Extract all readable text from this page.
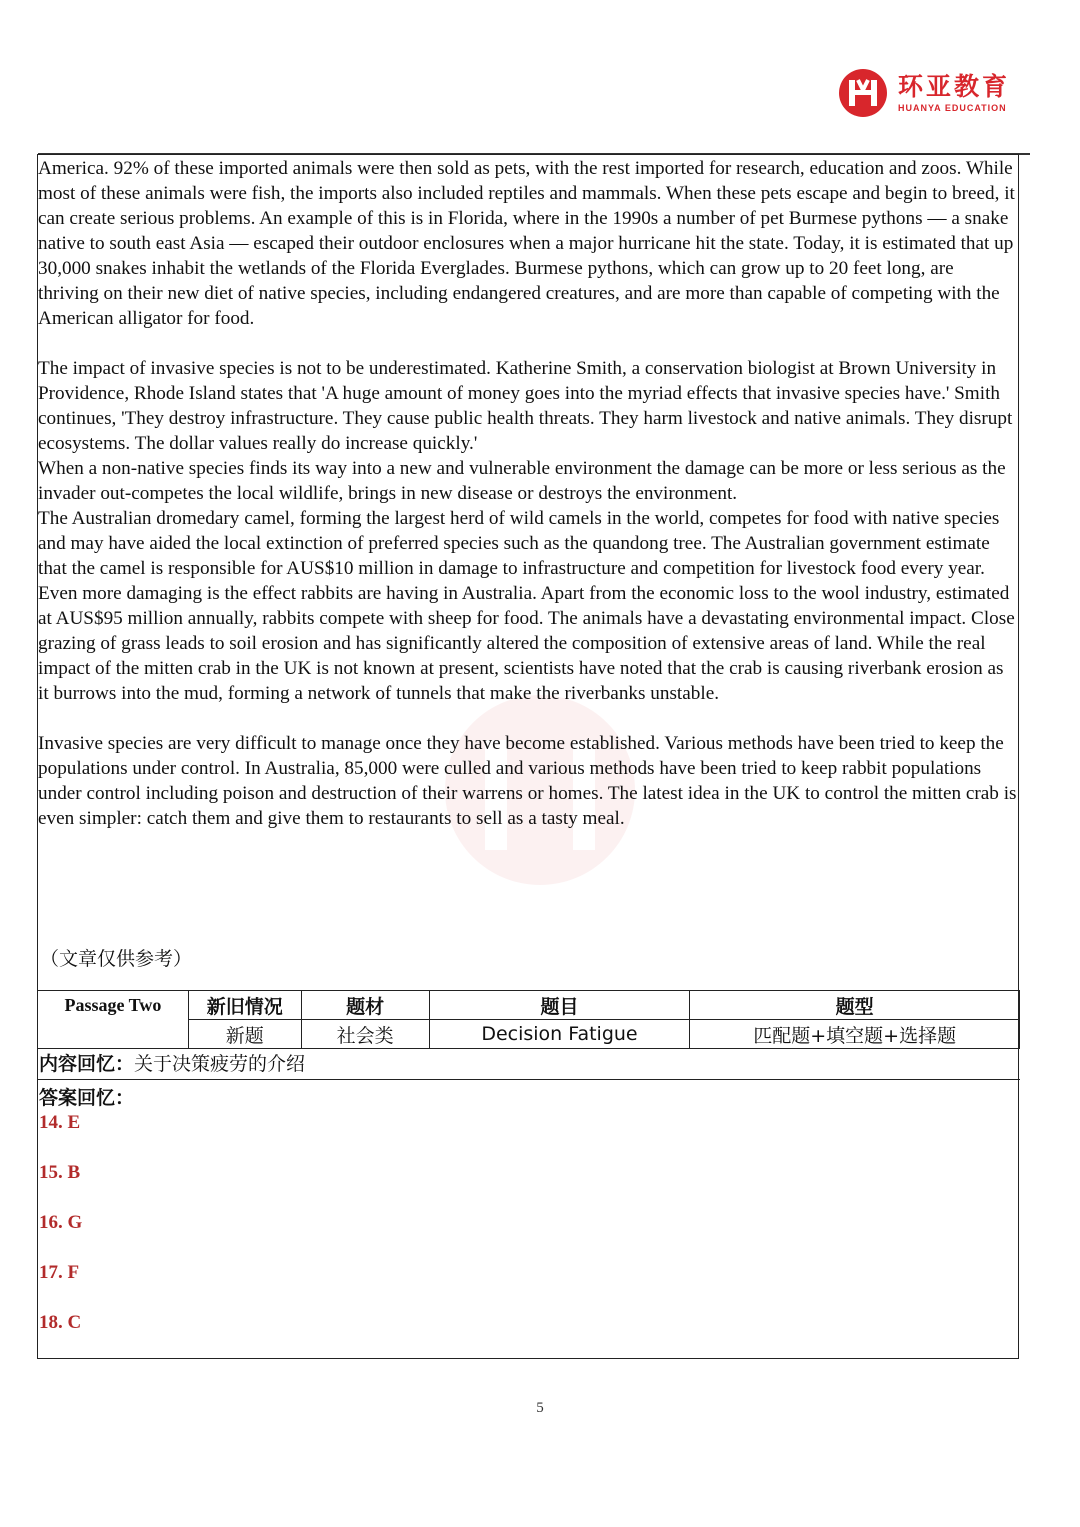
环亚教育
HUANYA EDUCATION

America. 92% of these imported animals were then sold as pets, with the rest imported for research, education and zoos. While most of these animals were fish, the imports also included reptiles and mammals. When these pets escape and begin to breed, it can create serious problems. An example of this is in Florida, where in the 1990s a number of pet Burmese pythons — a snake native to south east Asia — escaped their outdoor enclosures when a major hurricane hit the state. Today, it is estimated that up 30,000 snakes inhabit the wetlands of the Florida Everglades. Burmese pythons, which can grow up to 20 feet long, are thriving on their new diet of native species, including endangered creatures, and are more than capable of competing with the American alligator for food.

The impact of invasive species is not to be underestimated. Katherine Smith, a conservation biologist at Brown University in Providence, Rhode Island states that 'A huge amount of money goes into the myriad effects that invasive species have.' Smith continues, 'They destroy infrastructure. They cause public health threats. They harm livestock and native animals. They disrupt ecosystems. The dollar values really do increase quickly.'

When a non-native species finds its way into a new and vulnerable environment the damage can be more or less serious as the invader out-competes the local wildlife, brings in new disease or destroys the environment.

The Australian dromedary camel, forming the largest herd of wild camels in the world, competes for food with native species and may have aided the local extinction of preferred species such as the quandong tree. The Australian government estimate that the camel is responsible for AUS$10 million in damage to infrastructure and competition for livestock food every year. Even more damaging is the effect rabbits are having in Australia. Apart from the economic loss to the wool industry, estimated at AUS$95 million annually, rabbits compete with sheep for food. The animals have a devastating environmental impact. Close grazing of grass leads to soil erosion and has significantly altered the composition of extensive areas of land. While the real impact of the mitten crab in the UK is not known at present, scientists have noted that the crab is causing riverbank erosion as it burrows into the mud, forming a network of tunnels that make the riverbanks unstable.

Invasive species are very difficult to manage once they have become established. Various methods have been tried to keep the populations under control. In Australia, 85,000 were culled and various methods have been tried to keep rabbit populations under control including poison and destruction of their warrens or homes. The latest idea in the UK to control the mitten crab is even simpler: catch them and give them to restaurants to sell as a tasty meal.

（文章仅供参考）
Passage Two	新旧情况	题材	题目	题型
	新题	社会类	Decision Fatigue	匹配题+填空题+选择题
内容回忆：关于决策疲劳的介绍
答案回忆：
14. E
15. B
16. G
17. F
18. C
5
